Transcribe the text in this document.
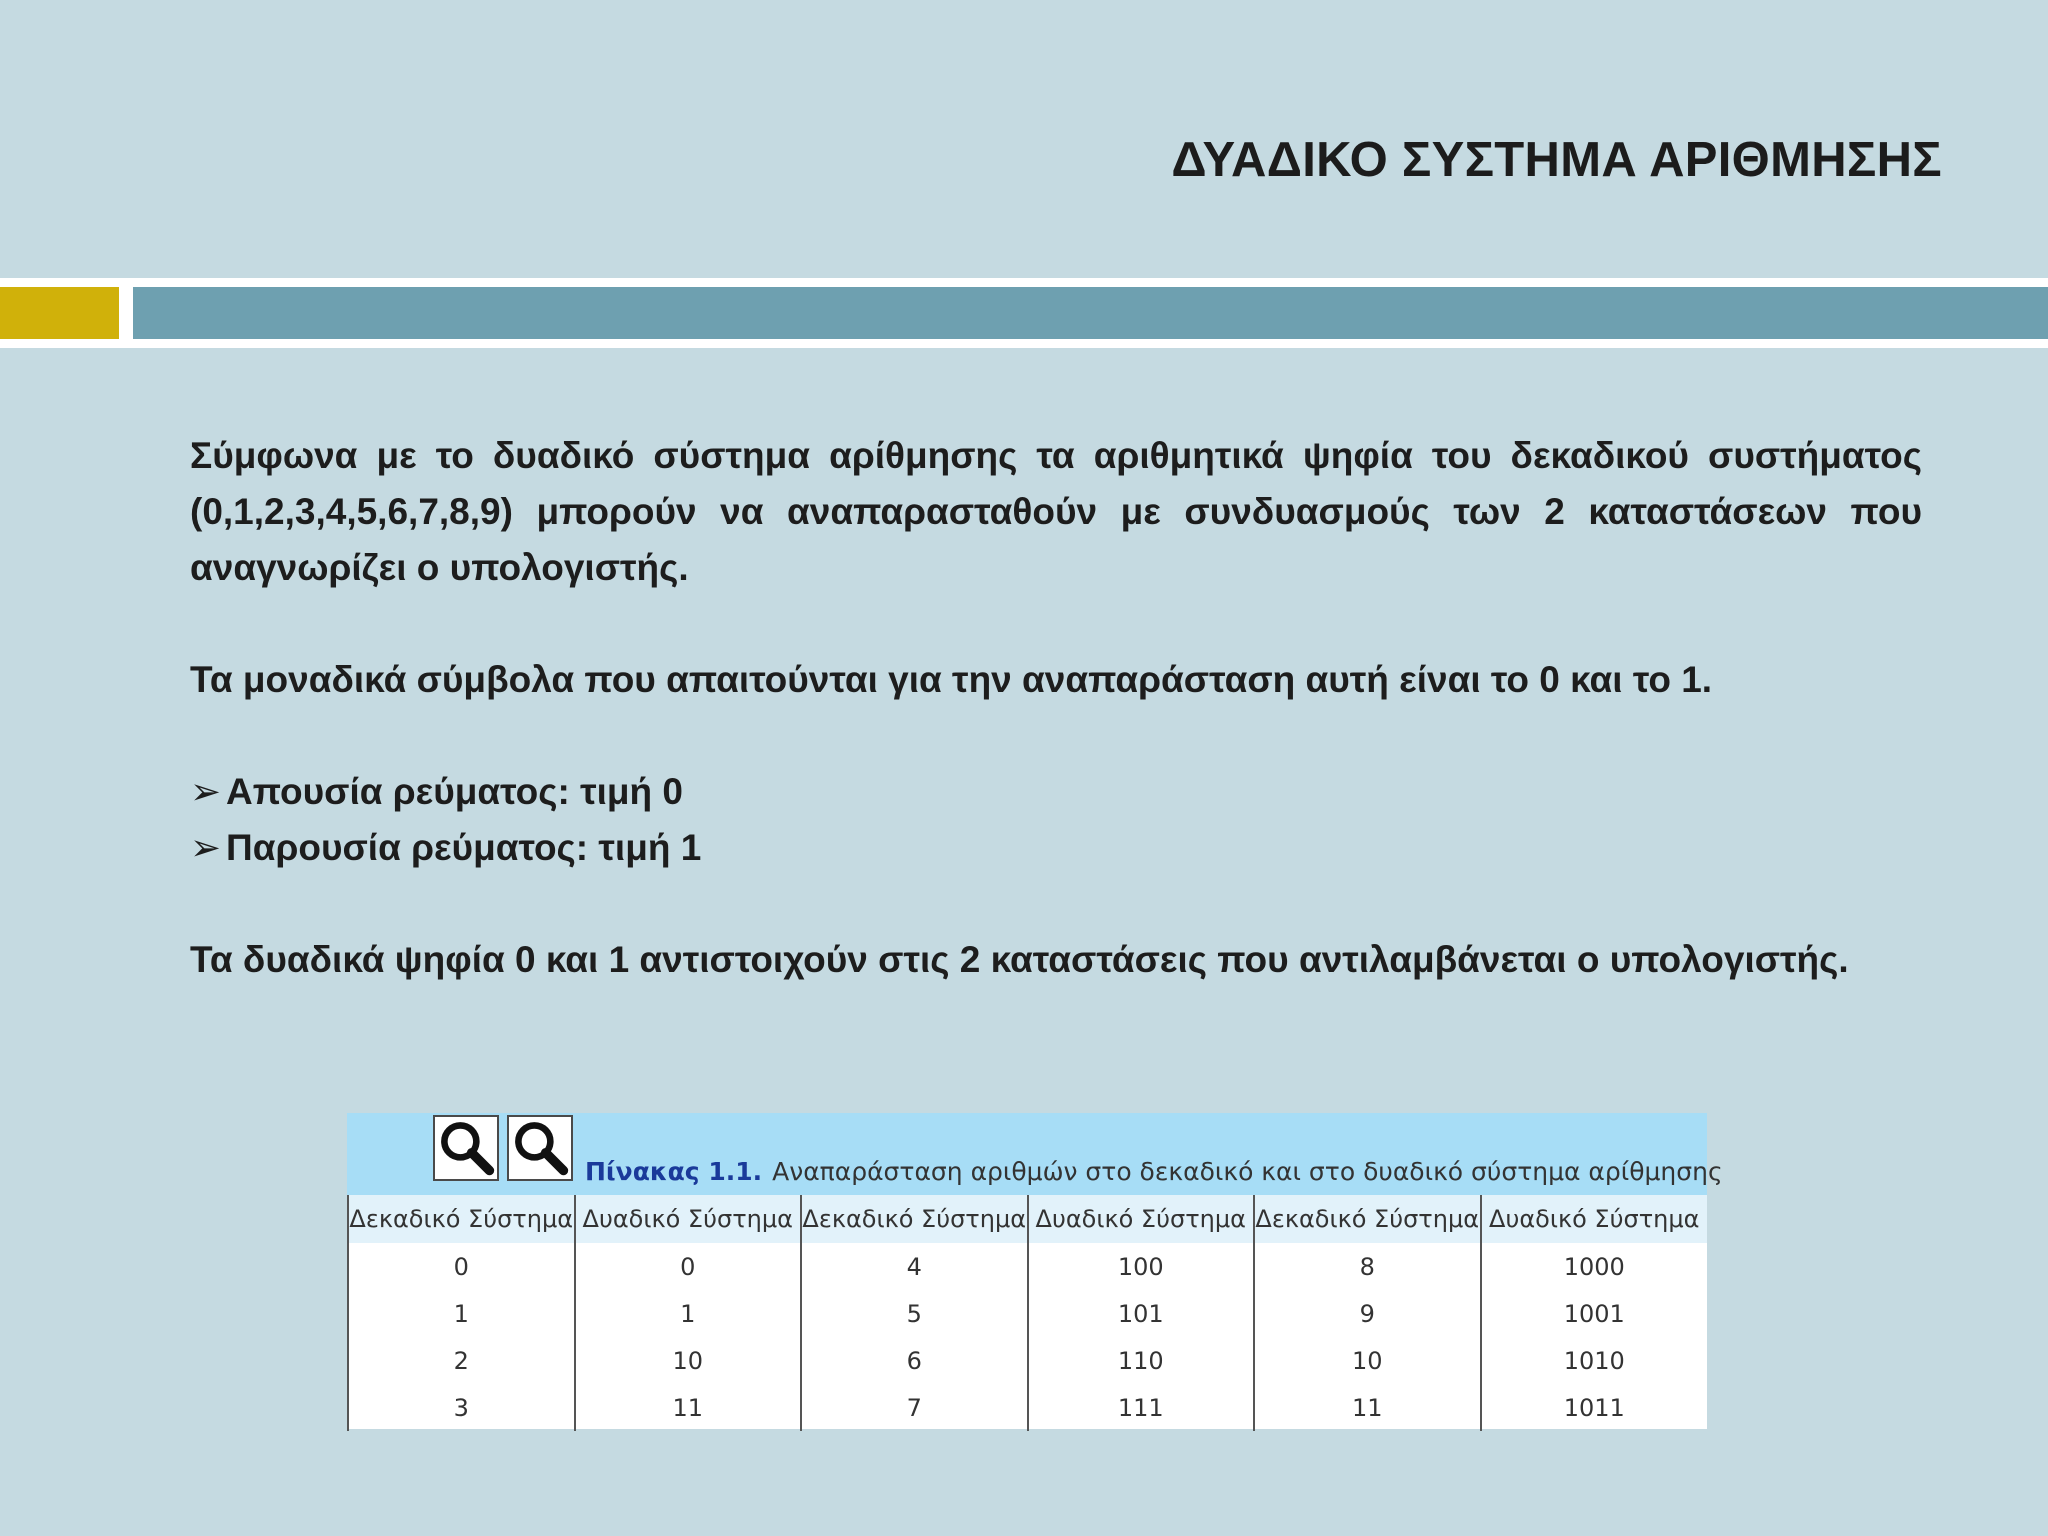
ΔΥΑΔΙΚΟ ΣΥΣΤΗΜΑ ΑΡΙΘΜΗΣΗΣ

Σύμφωνα με το δυαδικό σύστημα αρίθμησης τα αριθμητικά ψηφία του δεκαδικού συστήματος (0,1,2,3,4,5,6,7,8,9) μπορούν να αναπαρασταθούν με συνδυασμούς των 2 καταστάσεων που αναγνωρίζει ο υπολογιστής.

Τα μοναδικά σύμβολα που απαιτούνται για την αναπαράσταση αυτή είναι το 0 και το 1.

➢ Απουσία ρεύματος: τιμή 0
➢ Παρουσία ρεύματος: τιμή 1

Τα δυαδικά ψηφία 0 και 1 αντιστοιχούν στις 2 καταστάσεις που αντιλαμβάνεται ο υπολογιστής.

Πίνακας 1.1. Αναπαράσταση αριθμών στο δεκαδικό και στο δυαδικό σύστημα αρίθμησης
Δεκαδικό Σύστημα	Δυαδικό Σύστημα	Δεκαδικό Σύστημα	Δυαδικό Σύστημα	Δεκαδικό Σύστημα	Δυαδικό Σύστημα
0	0	4	100	8	1000
1	1	5	101	9	1001
2	10	6	110	10	1010
3	11	7	111	11	1011
